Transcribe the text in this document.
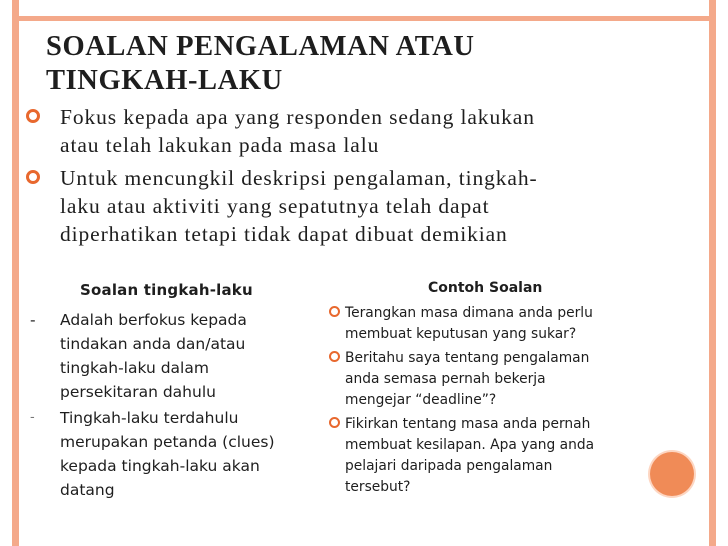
SOALAN PENGALAMAN ATAU
TINGKAH-LAKU
Fokus kepada apa yang responden sedang lakukan
atau telah lakukan pada masa lalu
Untuk mencungkil deskripsi pengalaman, tingkah-
laku atau aktiviti yang sepatutnya telah dapat
diperhatikan tetapi tidak dapat dibuat demikian
Soalan tingkah-laku
-	Adalah berfokus kepada
tindakan anda dan/atau
tingkah-laku dalam
persekitaran dahulu
-	Tingkah-laku terdahulu
merupakan petanda (clues)
kepada tingkah-laku akan
datang
Contoh Soalan
Terangkan masa dimana anda perlu
membuat keputusan yang sukar?
Beritahu saya tentang pengalaman
anda semasa pernah bekerja
mengejar “deadline”?
Fikirkan tentang masa anda pernah
membuat kesilapan. Apa yang anda
pelajari daripada pengalaman
tersebut?
